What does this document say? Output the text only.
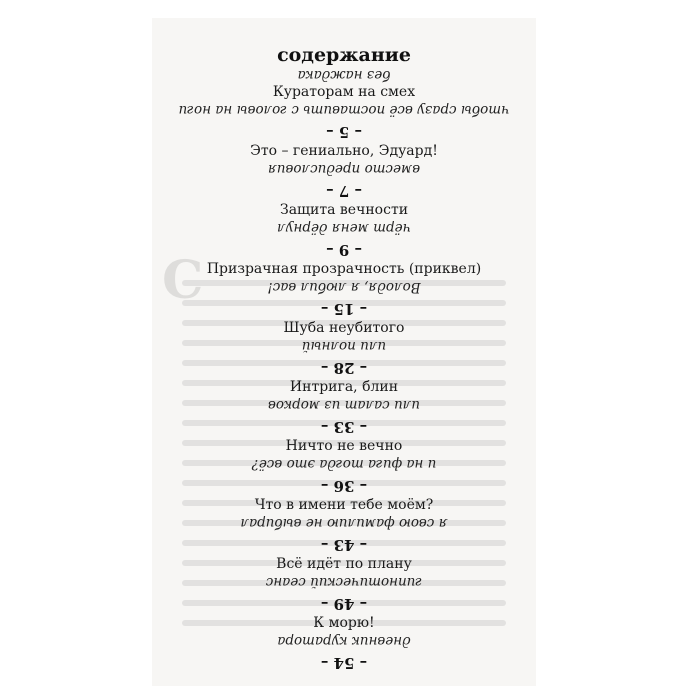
С
содержание
без наждака
Кураторам на смех
чтобы сразу всё поставить с головы на ноги
– 5 –
Это – гениально, Эдуард!
вместо предисловия
– 7 –
Защита вечности
чёрт меня дёрнул
– 9 –
Призрачная прозрачность (приквел)
Володя, я любил вас!
– 15 –
Шуба неубитого
или полный
– 28 –
Интрига, блин
или салат из морков
– 33 –
Ничто не вечно
и на фига тогда это всё?
– 36 –
Что в имени тебе моём?
я свою фамилию не выбирал
– 43 –
Всё идёт по плану
гипнотический сеанс
– 49 –
К морю!
дневник куратора
– 54 –
